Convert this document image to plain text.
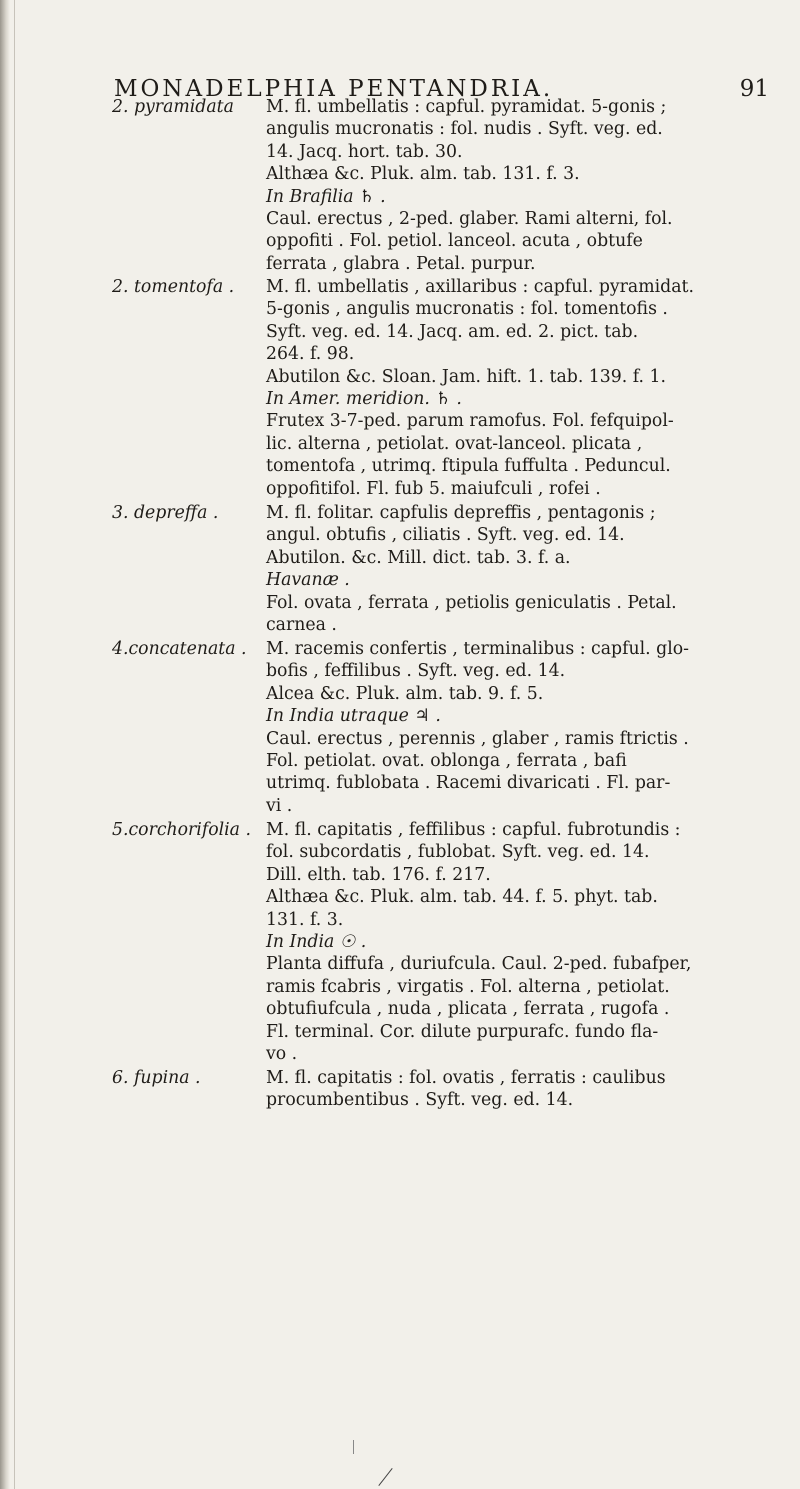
MONADELPHIA PENTANDRIA.	91
2. pyramidata M. fl. umbellatis : capful. pyramidat. 5-gonis ;
angulis mucronatis : fol. nudis . Syft. veg. ed.
14. Jacq. hort. tab. 30.
Althæa &c. Pluk. alm. tab. 131. f. 3.
In Brafilia ♄ .
Caul. erectus , 2-ped. glaber. Rami alterni, fol.
oppofiti . Fol. petiol. lanceol. acuta , obtufe
ferrata , glabra . Petal. purpur.
2. tomentofa . M. fl. umbellatis , axillaribus : capful. pyramidat.
5-gonis , angulis mucronatis : fol. tomentofis .
Syft. veg. ed. 14. Jacq. am. ed. 2. pict. tab.
264. f. 98.
Abutilon &c. Sloan. Jam. hift. 1. tab. 139. f. 1.
In Amer. meridion. ♄ .
Frutex 3-7-ped. parum ramofus. Fol. fefquipol-
lic. alterna , petiolat. ovat-lanceol. plicata ,
tomentofa , utrimq. ftipula fuffulta . Peduncul.
oppofitifol. Fl. fub 5. maiufculi , rofei .
3. depreffa .	M. fl. folitar. capfulis depreffis , pentagonis ;
angul. obtufis , ciliatis . Syft. veg. ed. 14.
Abutilon. &c. Mill. dict. tab. 3. f. a.
Havanæ .
Fol. ovata , ferrata , petiolis geniculatis . Petal.
carnea .
4.concatenata . M. racemis confertis , terminalibus : capful. glo-
bofis , feffilibus . Syft. veg. ed. 14.
Alcea &c. Pluk. alm. tab. 9. f. 5.
In India utraque ♃ .
Caul. erectus , perennis , glaber , ramis ftrictis .
Fol. petiolat. ovat. oblonga , ferrata , bafi
utrimq. fublobata . Racemi divaricati . Fl. par-
vi .
5.corchorifolia . M. fl. capitatis , feffilibus : capful. fubrotundis :
fol. subcordatis , fublobat. Syft. veg. ed. 14.
Dill. elth. tab. 176. f. 217.
Althæa &c. Pluk. alm. tab. 44. f. 5. phyt. tab.
131. f. 3.
In India ☉ .
Planta diffufa , duriufcula. Caul. 2-ped. fubafper,
ramis fcabris , virgatis . Fol. alterna , petiolat.
obtufiufcula , nuda , plicata , ferrata , rugofa .
Fl. terminal. Cor. dilute purpurafc. fundo fla-
vo .
6. fupina .	M. fl. capitatis : fol. ovatis , ferratis : caulibus
procumbentibus . Syft. veg. ed. 14.
